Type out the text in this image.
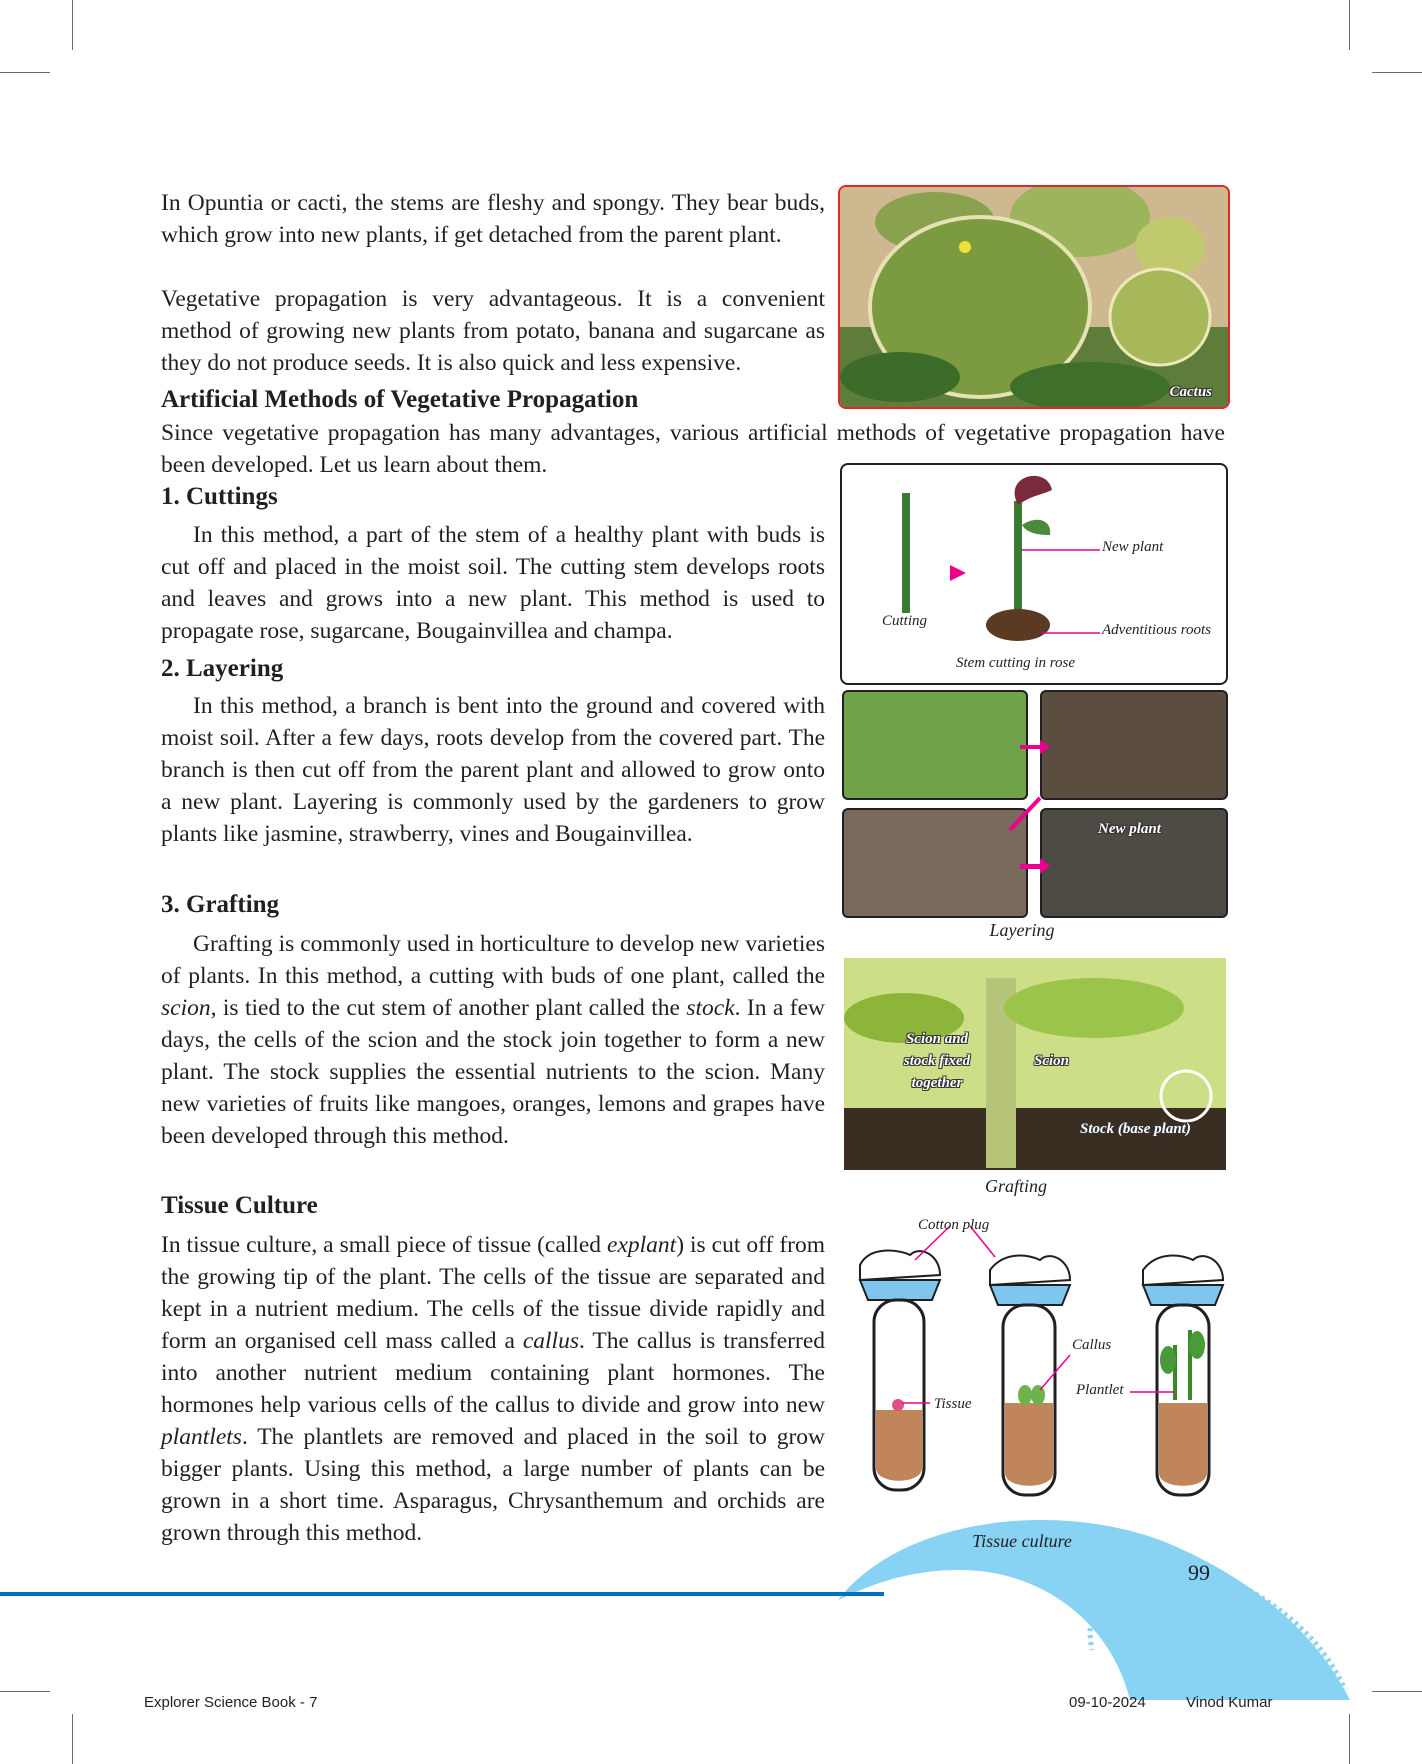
In Opuntia or cacti, the stems are fleshy and spongy. They bear buds, which grow into new plants, if get detached from the parent plant.

Vegetative propagation is very advantageous. It is a convenient method of growing new plants from potato, banana and sugarcane as they do not produce seeds. It is also quick and less expensive.

Artificial Methods of Vegetative Propagation

Since vegetative propagation has many advantages, various artificial methods of vegetative propagation have been developed. Let us learn about them.

1. Cuttings

In this method, a part of the stem of a healthy plant with buds is cut off and placed in the moist soil. The cutting stem develops roots and leaves and grows into a new plant. This method is used to propagate rose, sugarcane, Bougainvillea and champa.

2. Layering

In this method, a branch is bent into the ground and covered with moist soil. After a few days, roots develop from the covered part. The branch is then cut off from the parent plant and allowed to grow onto a new plant. Layering is commonly used by the gardeners to grow plants like jasmine, strawberry, vines and Bougainvillea.

3. Grafting

Grafting is commonly used in horticulture to develop new varieties of plants. In this method, a cutting with buds of one plant, called the scion, is tied to the cut stem of another plant called the stock. In a few days, the cells of the scion and the stock join together to form a new plant. The stock supplies the essential nutrients to the scion. Many new varieties of fruits like mangoes, oranges, lemons and grapes have been developed through this method.

Tissue Culture

In tissue culture, a small piece of tissue (called explant) is cut off from the growing tip of the plant. The cells of the tissue are separated and kept in a nutrient medium. The cells of the tissue divide rapidly and form an organised cell mass called a callus. The callus is transferred into another nutrient medium containing plant hormones. The hormones help various cells of the callus to divide and grow into new plantlets. The plantlets are removed and placed in the soil to grow bigger plants. Using this method, a large number of plants can be grown in a short time. Asparagus, Chrysanthemum and orchids are grown through this method.

Cactus
Cutting
New plant
Adventitious roots
Stem cutting in rose
New plant
Layering
Scion and stock fixed together
Scion
Stock (base plant)
Grafting
Cotton plug
Callus
Plantlet
Tissue
Tissue culture
99
Explorer Science Book - 7	09-10-2024	Vinod Kumar
